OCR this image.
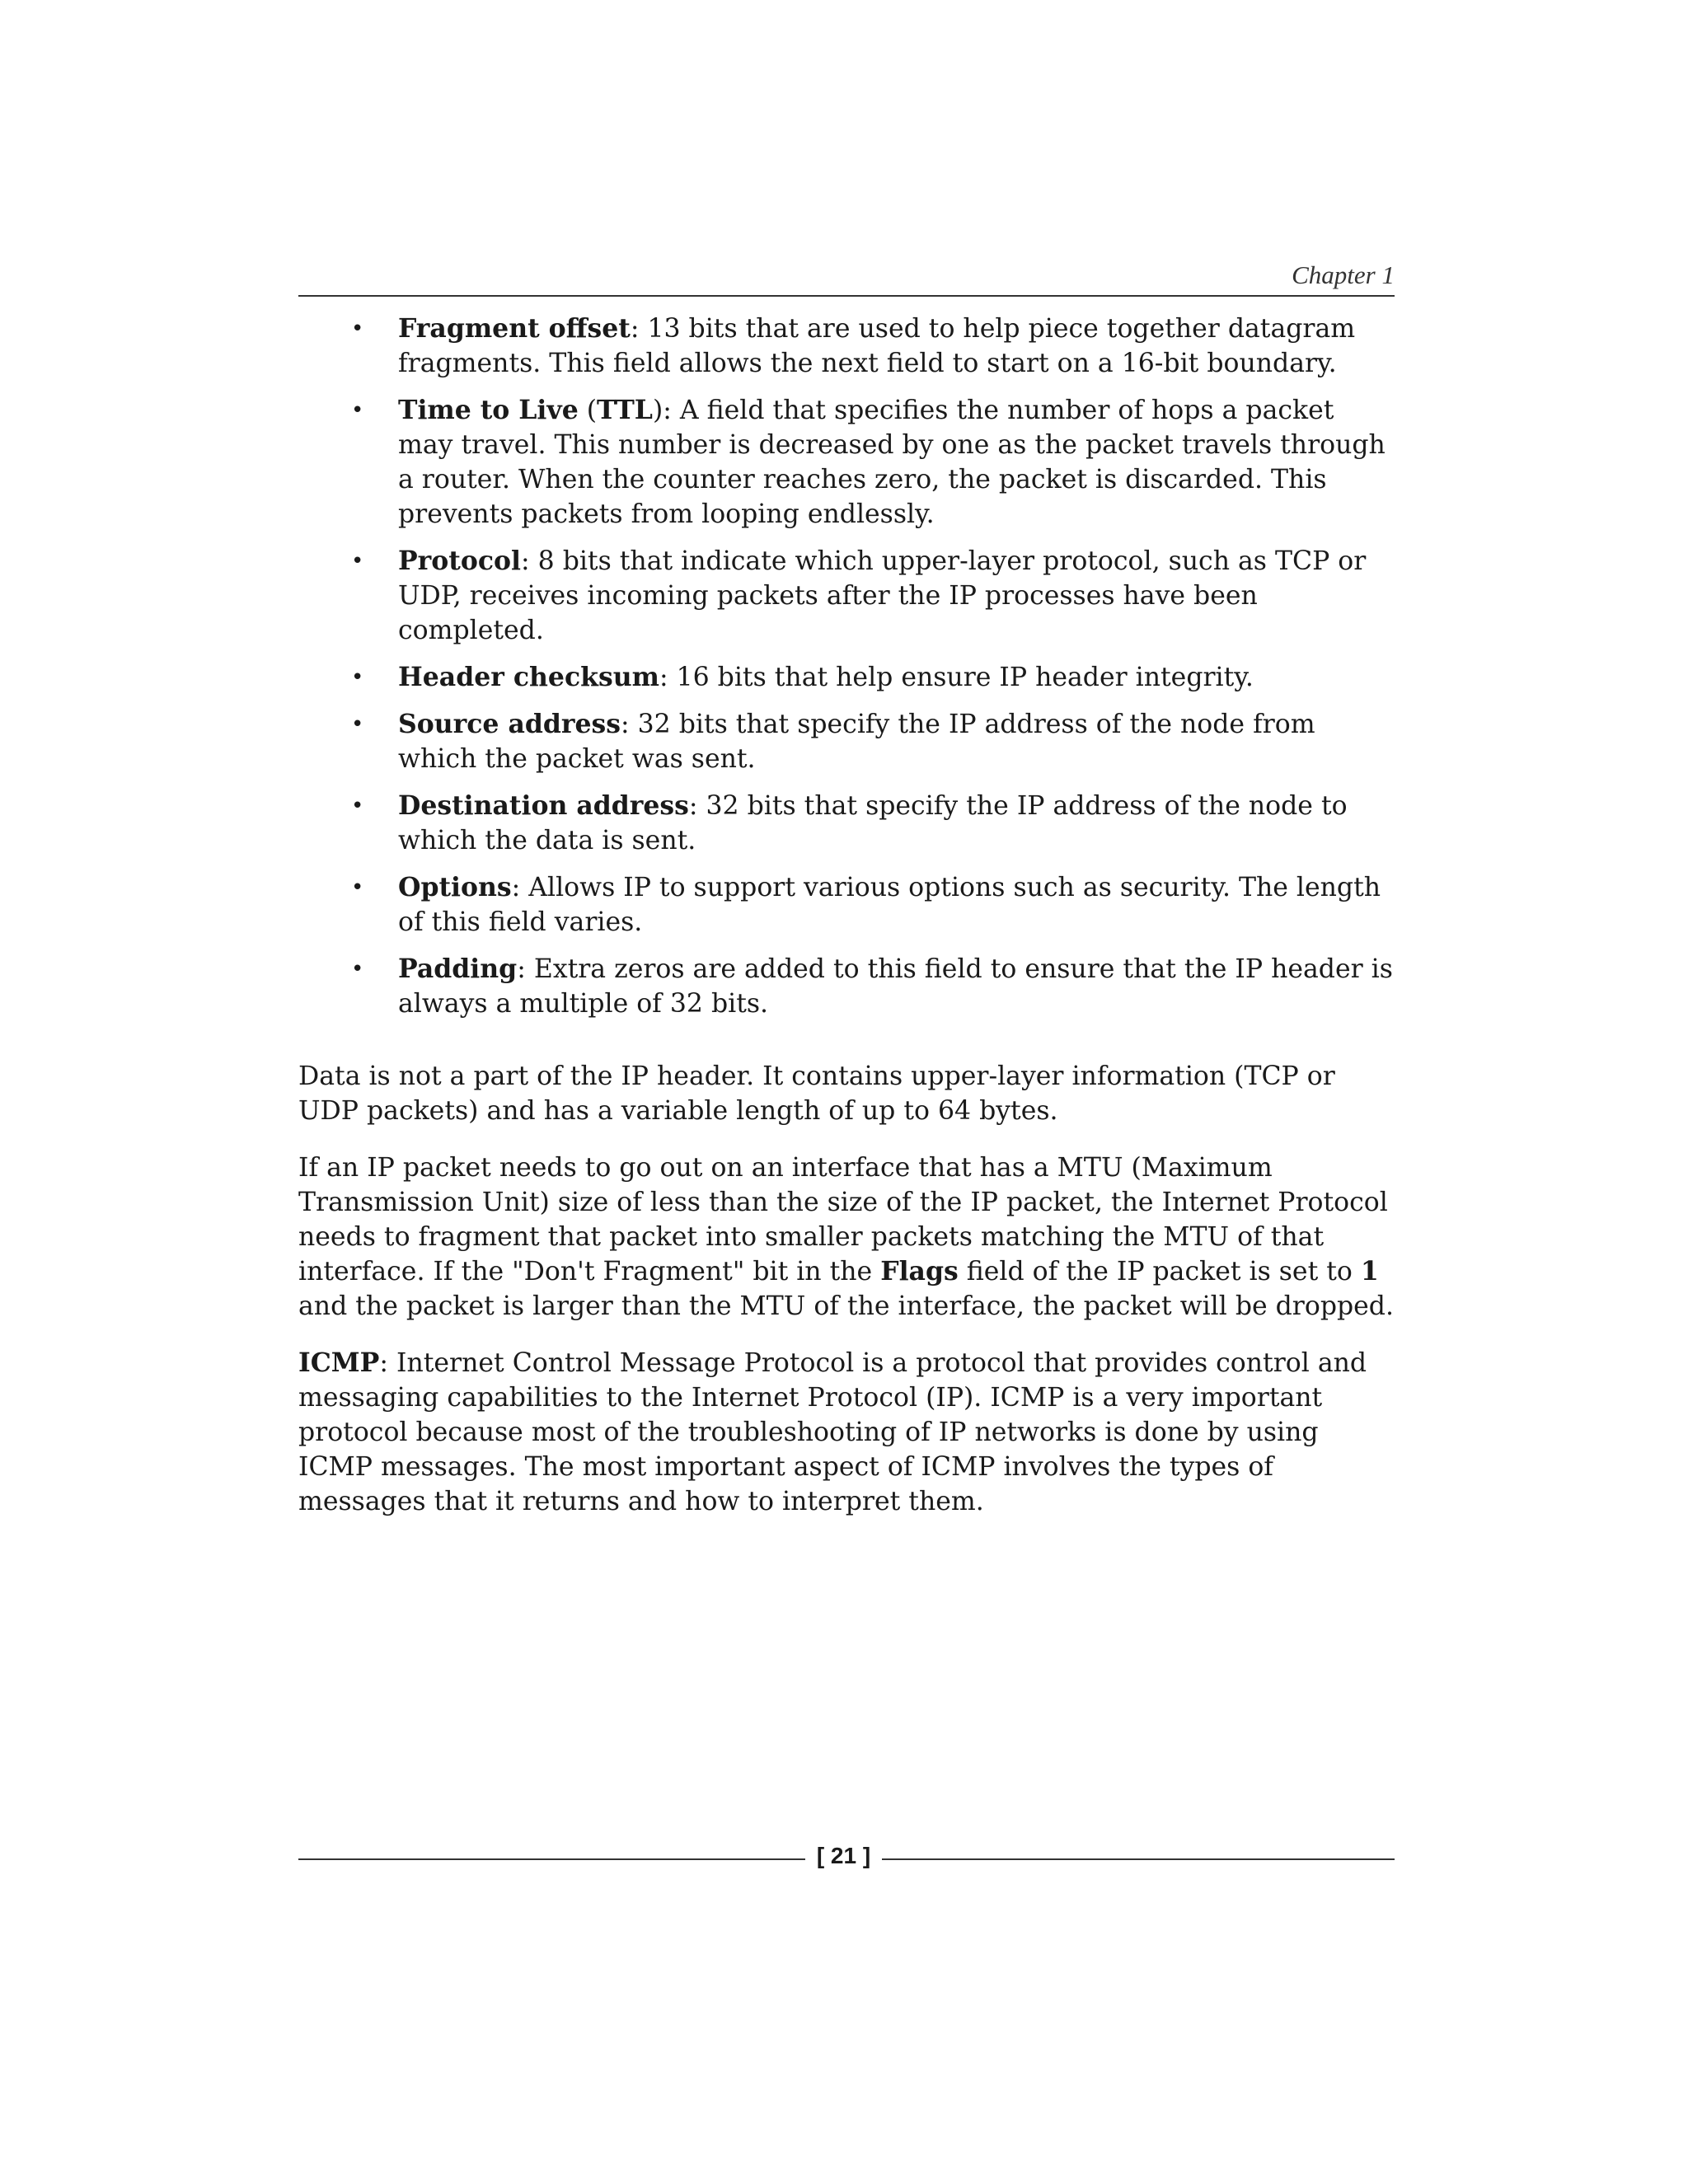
Chapter 1
• Fragment offset: 13 bits that are used to help piece together datagram fragments. This field allows the next field to start on a 16-bit boundary.
• Time to Live (TTL): A field that specifies the number of hops a packet may travel. This number is decreased by one as the packet travels through a router. When the counter reaches zero, the packet is discarded. This prevents packets from looping endlessly.
• Protocol: 8 bits that indicate which upper-layer protocol, such as TCP or UDP, receives incoming packets after the IP processes have been completed.
• Header checksum: 16 bits that help ensure IP header integrity.
• Source address: 32 bits that specify the IP address of the node from which the packet was sent.
• Destination address: 32 bits that specify the IP address of the node to which the data is sent.
• Options: Allows IP to support various options such as security. The length of this field varies.
• Padding: Extra zeros are added to this field to ensure that the IP header is always a multiple of 32 bits.

Data is not a part of the IP header. It contains upper-layer information (TCP or UDP packets) and has a variable length of up to 64 bytes.

If an IP packet needs to go out on an interface that has a MTU (Maximum Transmission Unit) size of less than the size of the IP packet, the Internet Protocol needs to fragment that packet into smaller packets matching the MTU of that interface. If the "Don't Fragment" bit in the Flags field of the IP packet is set to 1 and the packet is larger than the MTU of the interface, the packet will be dropped.

ICMP: Internet Control Message Protocol is a protocol that provides control and messaging capabilities to the Internet Protocol (IP). ICMP is a very important protocol because most of the troubleshooting of IP networks is done by using ICMP messages. The most important aspect of ICMP involves the types of messages that it returns and how to interpret them.

[ 21 ]
